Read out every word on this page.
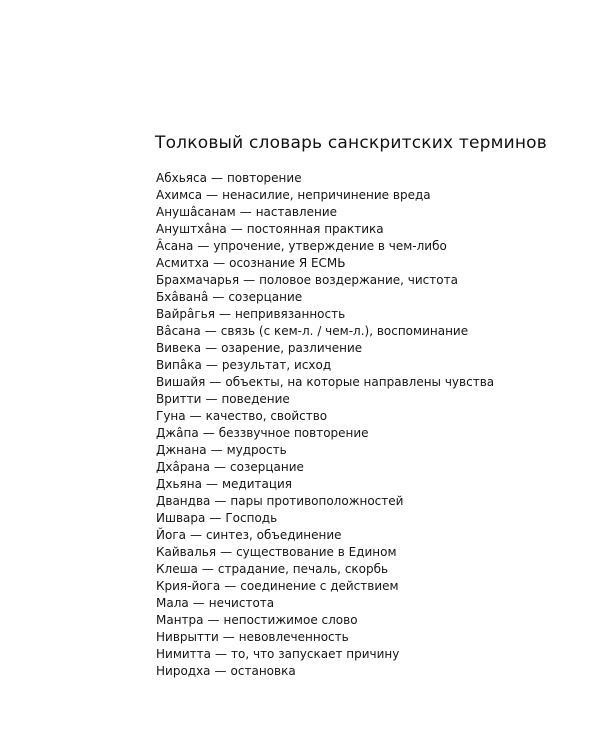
Толковый словарь санскритских терминов
Абхьяса — повторение
Ахимса — ненасилие, непричинение вреда
Анушâсанам — наставление
Ануштхâна — постоянная практика
Âсана — упрочение, утверждение в чем-либо
Асмитха — осознание Я ЕСМЬ
Брахмачарья — половое воздержание, чистота
Бхâванâ — созерцание
Вайрâгья — непривязанность
Вâсана — связь (с кем-л. / чем-л.), воспоминание
Вивека — озарение, различение
Випâка — результат, исход
Вишайя — объекты, на которые направлены чувства
Вритти — поведение
Гуна — качество, свойство
Джâпа — беззвучное повторение
Джнана — мудрость
Дхâрана — созерцание
Дхьяна — медитация
Двандва — пары противоположностей
Ишвара — Господь
Йога — синтез, объединение
Кайвалья — существование в Едином
Клеша — страдание, печаль, скорбь
Крия-йога — соединение с действием
Мала — нечистота
Мантра — непостижимое слово
Ниврытти — невовлеченность
Нимитта — то, что запускает причину
Ниродха — остановка
